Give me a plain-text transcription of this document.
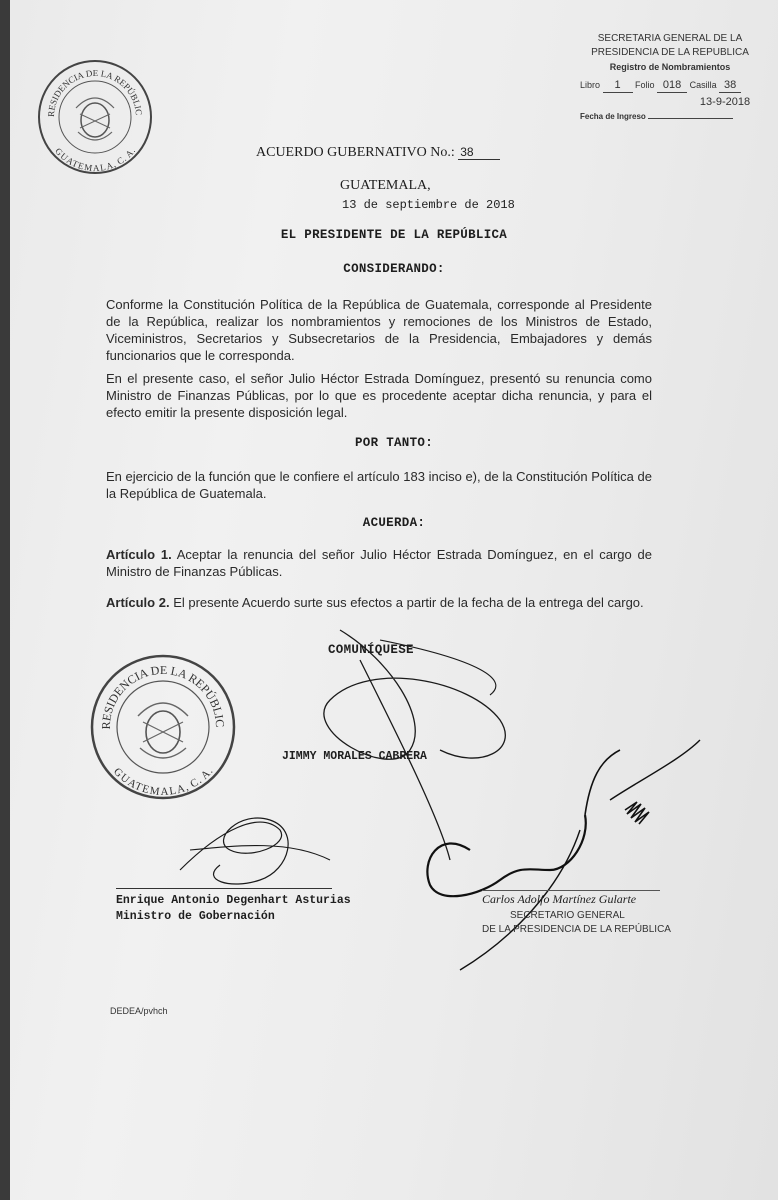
RESIDENCIA DE LA REPÚBLIC
GUATEMALA, C. A.
SECRETARIA GENERAL DE LA
PRESIDENCIA DE LA REPUBLICA
Registro de Nombramientos
Libro 1 Folio 018 Casilla 38
13-9-2018
Fecha de Ingreso
ACUERDO GUBERNATIVO No.: 38
GUATEMALA,
13 de septiembre de 2018
EL PRESIDENTE DE LA REPÚBLICA
CONSIDERANDO:
Conforme la Constitución Política de la República de Guatemala, corresponde al Presidente de la República, realizar los nombramientos y remociones de los Ministros de Estado, Viceministros, Secretarios y Subsecretarios de la Presidencia, Embajadores y demás funcionarios que le corresponda.
En el presente caso, el señor Julio Héctor Estrada Domínguez, presentó su renuncia como Ministro de Finanzas Públicas, por lo que es procedente aceptar dicha renuncia, y para el efecto emitir la presente disposición legal.
POR TANTO:
En ejercicio de la función que le confiere el artículo 183 inciso e), de la Constitución Política de la República de Guatemala.
ACUERDA:
Artículo 1. Aceptar la renuncia del señor Julio Héctor Estrada Domínguez, en el cargo de Ministro de Finanzas Públicas.
Artículo 2. El presente Acuerdo surte sus efectos a partir de la fecha de la entrega del cargo.
COMUNÍQUESE
RESIDENCIA DE LA REPÚBLIC
GUATEMALA, C. A.
JIMMY MORALES CABRERA
Enrique Antonio Degenhart Asturias
Ministro de Gobernación
Carlos Adolfo Martínez Gularte
SECRETARIO GENERAL
DE LA PRESIDENCIA DE LA REPÚBLICA
DEDEA/pvhch
